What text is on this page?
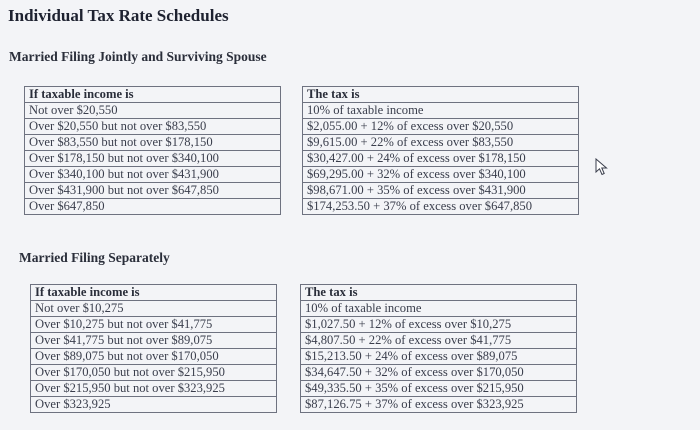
Individual Tax Rate Schedules
Married Filing Jointly and Surviving Spouse
If taxable income is		The tax is
Not over $20,550		10% of taxable income
Over $20,550 but not over $83,550		$2,055.00 + 12% of excess over $20,550
Over $83,550 but not over $178,150		$9,615.00 + 22% of excess over $83,550
Over $178,150 but not over $340,100		$30,427.00 + 24% of excess over $178,150
Over $340,100 but not over $431,900		$69,295.00 + 32% of excess over $340,100
Over $431,900 but not over $647,850		$98,671.00 + 35% of excess over $431,900
Over $647,850		$174,253.50 + 37% of excess over $647,850
Married Filing Separately
If taxable income is		The tax is
Not over $10,275		10% of taxable income
Over $10,275 but not over $41,775		$1,027.50 + 12% of excess over $10,275
Over $41,775 but not over $89,075		$4,807.50 + 22% of excess over $41,775
Over $89,075 but not over $170,050		$15,213.50 + 24% of excess over $89,075
Over $170,050 but not over $215,950		$34,647.50 + 32% of excess over $170,050
Over $215,950 but not over $323,925		$49,335.50 + 35% of excess over $215,950
Over $323,925		$87,126.75 + 37% of excess over $323,925
